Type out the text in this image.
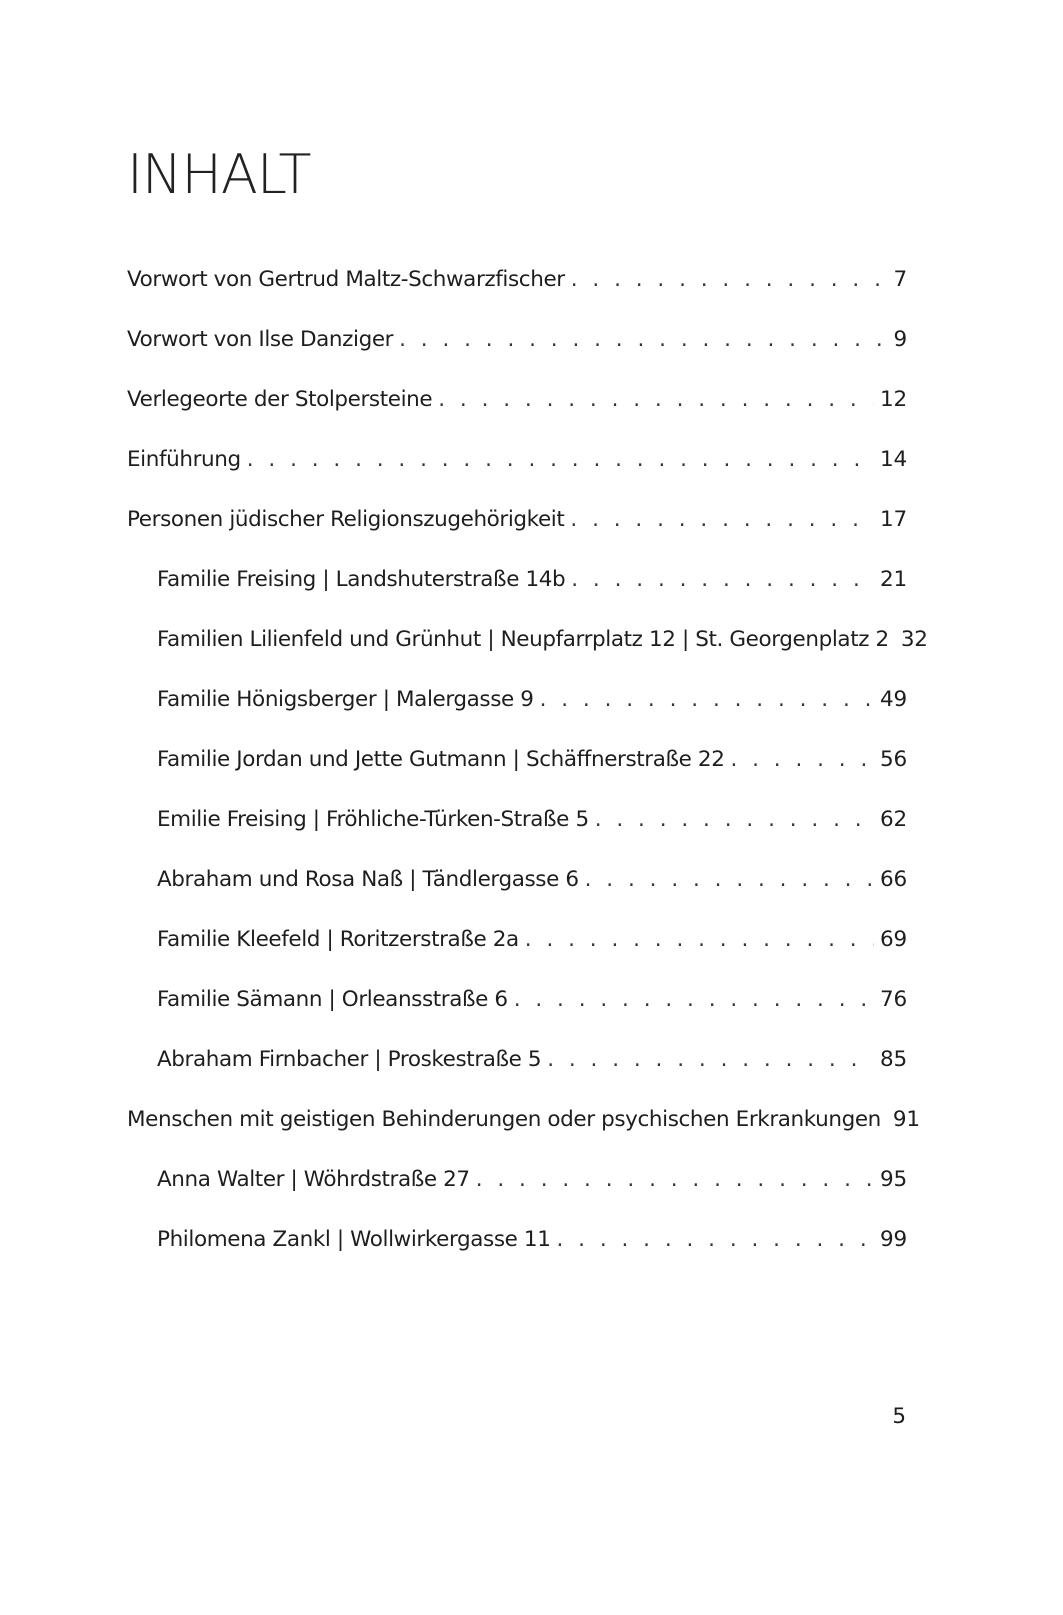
INHALT
Vorwort von Gertrud Maltz-Schwarzfischer . . .	7
Vorwort von Ilse Danziger . . .	9
Verlegeorte der Stolpersteine . . .	12
Einführung . . .	14
Personen jüdischer Religionszugehörigkeit . . .	17
Familie Freising | Landshuterstraße 14b . . .	21
Familien Lilienfeld und Grünhut | Neupfarrplatz 12 | St. Georgenplatz 2 32
Familie Hönigsberger | Malergasse 9 . . .	49
Familie Jordan und Jette Gutmann | Schäffnerstraße 22 . . .	56
Emilie Freising | Fröhliche-Türken-Straße 5 . . .	62
Abraham und Rosa Naß | Tändlergasse 6 . . .	66
Familie Kleefeld | Roritzerstraße 2a . . .	69
Familie Sämann | Orleansstraße 6 . . .	76
Abraham Firnbacher | Proskestraße 5 . . .	85
Menschen mit geistigen Behinderungen oder psychischen Erkrankungen 91
Anna Walter | Wöhrdstraße 27 . . .	95
Philomena Zankl | Wollwirkergasse 11 . . .	99
5
